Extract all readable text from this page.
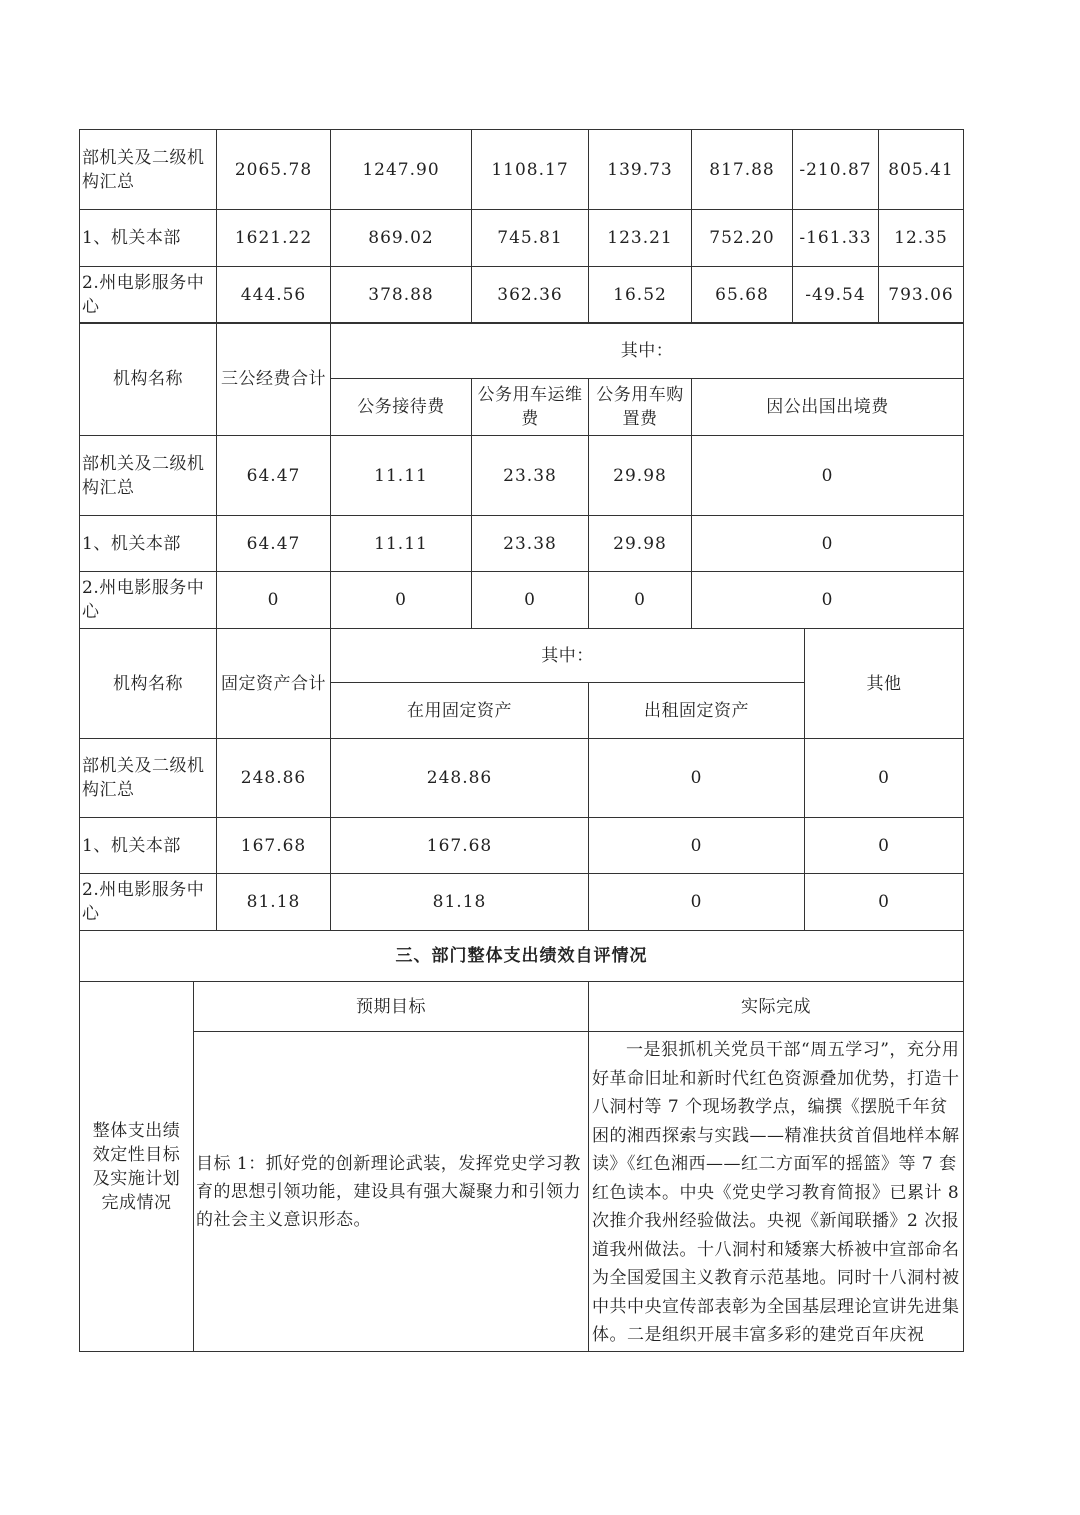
部机关及二级机构汇总	2065.78	1247.90	1108.17	139.73	817.88	-210.87	805.41
1、机关本部	1621.22	869.02	745.81	123.21	752.20	-161.33	12.35
2.州电影服务中心	444.56	378.88	362.36	16.52	65.68	-49.54	793.06
机构名称	三公经费合计	其中：			
		公务接待费	公务用车运维费	公务用车购置费	因公出国出境费
部机关及二级机构汇总	64.47	11.11	23.38	29.98	0
1、机关本部	64.47	11.11	23.38	29.98	0
2.州电影服务中心	0	0	0	0	0
机构名称	固定资产合计	其中：		其他
		在用固定资产	出租固定资产	
部机关及二级机构汇总	248.86	248.86	0	0
1、机关本部	167.68	167.68	0	0
2.州电影服务中心	81.18	81.18	0	0
三、部门整体支出绩效自评情况		
整体支出绩效定性目标及实施计划完成情况	预期目标	实际完成
	目标 1：抓好党的创新理论武装，发挥党史学习教育的思想引领功能，建设具有强大凝聚力和引领力的社会主义意识形态。	一是狠抓机关党员干部“周五学习”，充分用好革命旧址和新时代红色资源叠加优势，打造十八洞村等 7 个现场教学点，编撰《摆脱千年贫困的湘西探索与实践——精准扶贫首倡地样本解读》《红色湘西——红二方面军的摇篮》等 7 套红色读本。中央《党史学习教育简报》已累计 8 次推介我州经验做法。央视《新闻联播》2 次报道我州做法。十八洞村和矮寨大桥被中宣部命名为全国爱国主义教育示范基地。同时十八洞村被中共中央宣传部表彰为全国基层理论宣讲先进集体。二是组织开展丰富多彩的建党百年庆祝
